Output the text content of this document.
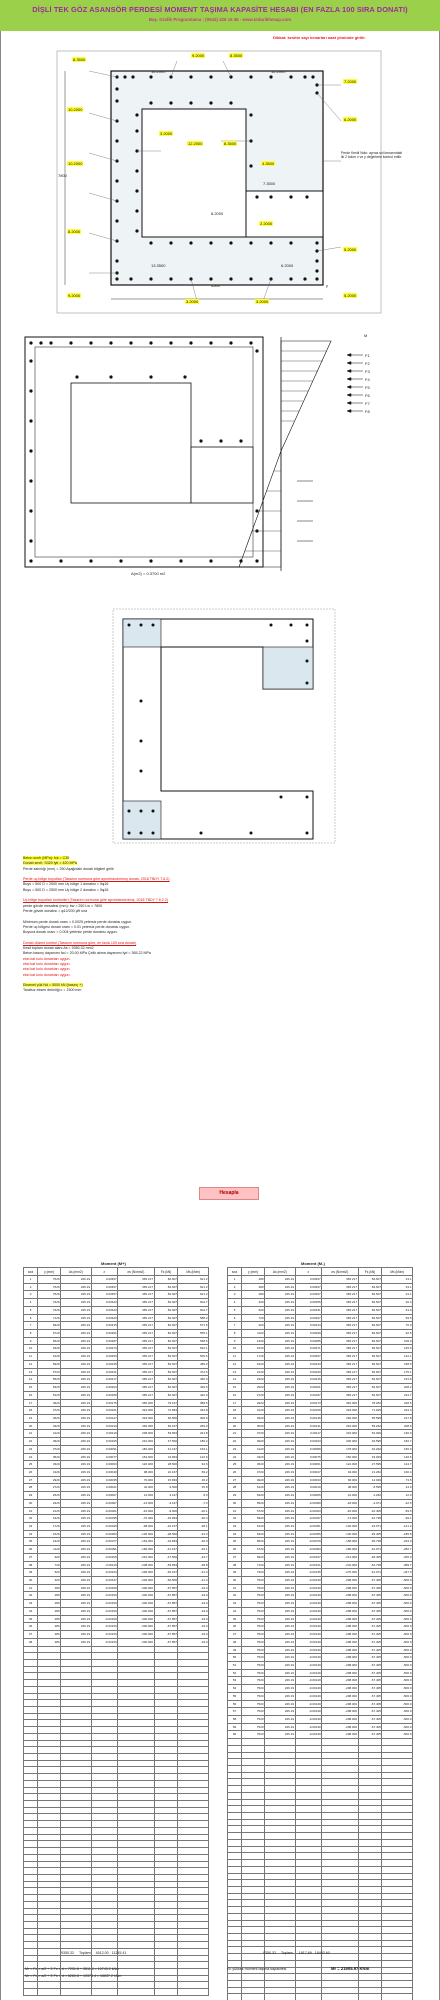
DİŞLİ TEK GÖZ ASANSÖR PERDESİ MOMENT TAŞIMA KAPASİTE HESABI (EN FAZLA 100 SIRA DONATI)
Baş. Grafik Programlama : (0542) 426 16 45 - www.tedarikhesap.com
Dikkat: kesitin sayı kenarları saat yönünde girilir.
5500
7800
y
Perde Kesiti Nolu: ayrıca sol kenarındaki ilk 2 kolon x ve y değerlerin kontrol edilir.
8.3500
10.2000
10.2000
8.2000
9.2000
9.2000	8.3500
7.2000
6.2000
5.2000
3.2000
12.2000	8.3500
4.3500
2.2000
3.2000	3.2000
5.2000
16.2000	12.2000
13.3500
8.2000
7.3500
6.2000
A(m2) = 0.3700 m2
M
F1
F2
F3
F4
F5
F6
F7
F8
Beton sınıfı (MPa): fck = C30
Donatı sınıfı: S420 fyk = 420 MPa
Perde kalınlığı (mm) = 250 Aşağıdaki donatı bilgileri girilir

Perde uç bölge boyutları (Tasarım normuna göre ayrıntılandırılmış donatı, 2018 TBDY 7.6.2)
Boyu = 500 D = 2500 mm Uç bölge 1 donatısı = 5φ16
Boyu = 500 D = 2500 mm Uç bölge 2 donatısı = 5φ16

Uç bölge boyutları kontrolleri (Tasarım normuna göre ayrıntılandırılmış, 2018 TBDY 7.6.2.2)
perde gövde mesafesi (mm): bw = 250 Lw = 7800
Perde gövde donatısı = φ12/200 çift sıra

Minimum perde donatı oranı = 0.0025 yetersiz perde donatısı uygun.
Perde uç bölgesi donatı oranı = 0.01 yetersiz perde donatısı uygun.
Boyuna donatı oranı = 0.004 yetersiz perde donatısı uygun.

Donatı düzeni kontrol (Tasarım normuna göre, en fazla 100 sıra donatı)
Kesit toplam donatı alanı As = 9350.32 mm2
Beton basınç dayanımı fcd = 20.00 MPa Çelik akma dayanımı fyd = 365.22 MPa
eksi kat kolu donatıları uygun.
eksi kat kolu donatıları uygun.
eksi kat kolu donatıları uygun.
eksi kat kolu donatıları uygun.

Eksenel yük Nd = 5000 kN (basınç +)
Tarafsız eksen derinliği c = 1500 mm
Hesapla
Moment (M+)	Moment (M-)
sıra	y (mm)	As (mm2)	ε	σs (N/mm2)	Fs (kN)	Ms (kNm)
1	7520	226.19	0.00357	365.217	82.607	621.2
2	7520	226.19	0.00357	365.217	82.607	621.2
3	7520	226.19	0.00357	365.217	82.607	621.2
4	7320	226.19	0.00343	365.217	82.607	604.7
5	7320	226.19	0.00343	365.217	82.607	604.7
6	7120	226.19	0.00329	365.217	82.607	588.2
7	6920	226.19	0.00315	365.217	82.607	571.6
8	6720	226.19	0.00301	365.217	82.607	555.1
9	6520	226.19	0.00287	365.217	82.607	538.6
10	6320	226.19	0.00273	365.217	82.607	522.1
11	6120	226.19	0.00259	365.217	82.607	505.6
12	5920	226.19	0.00245	365.217	82.607	489.0
13	5720	226.19	0.00231	365.217	82.607	472.5
14	5520	226.19	0.00217	365.217	82.607	456.0
15	5320	226.19	0.00203	365.217	82.607	439.5
16	5120	226.19	0.00189	365.217	82.607	422.9
17	4920	226.19	0.00175	350.000	79.167	389.5
18	4720	226.19	0.00161	322.000	72.833	343.8
19	4520	226.19	0.00147	294.000	66.500	300.6
20	4320	226.19	0.00133	266.000	60.167	259.9
21	4120	226.19	0.00119	238.000	53.833	221.8
22	3920	226.19	0.00105	210.000	47.500	186.2
23	3720	226.19	0.00091	182.000	41.167	153.1
24	3520	226.19	0.00077	154.000	34.833	122.6
25	3320	226.19	0.00063	126.000	28.500	94.6
26	3120	226.19	0.00049	98.000	22.167	69.2
27	2920	226.19	0.00035	70.000	15.833	46.2
28	2720	226.19	0.00021	42.000	9.500	25.8
29	2520	226.19	0.00007	14.000	3.167	8.0
30	2320	226.19	-0.00007	-14.000	-3.167	-7.3
31	2120	226.19	-0.00021	-42.000	-9.500	-20.1
32	1920	226.19	-0.00035	-70.000	-15.833	-30.4
33	1720	226.19	-0.00049	-98.000	-22.167	-38.1
34	1520	226.19	-0.00063	-126.000	-28.500	-43.3
35	1320	226.19	-0.00077	-154.000	-34.833	-46.0
36	1120	226.19	-0.00091	-182.000	-41.167	-46.1
37	920	226.19	-0.00105	-210.000	-47.500	-43.7
38	720	226.19	-0.00119	-238.000	-53.833	-38.8
39	520	226.19	-0.00133	-266.000	-60.167	-31.3
40	320	226.19	-0.00147	-294.000	-66.500	-21.3
41	280	226.19	-0.00150	-300.000	-67.857	-19.0
42	280	226.19	-0.00150	-300.000	-67.857	-19.0
43	280	226.19	-0.00150	-300.000	-67.857	-19.0
44	280	226.19	-0.00150	-300.000	-67.857	-19.0
45	280	226.19	-0.00150	-300.000	-67.857	-19.0
46	280	226.19	-0.00150	-300.000	-67.857	-19.0
47	280	226.19	-0.00150	-300.000	-67.857	-19.0
48	280	226.19	-0.00150	-300.000	-67.857	-19.0

sıra	y (mm)	As (mm2)	ε	σs (N/mm2)	Fs (kN)	Ms (kNm)
1	280	226.19	0.00357	365.217	82.607	23.1
2	280	226.19	0.00357	365.217	82.607	23.1
3	280	226.19	0.00357	365.217	82.607	23.1
4	320	226.19	0.00355	365.217	82.607	26.4
5	520	226.19	0.00341	365.217	82.607	43.0
6	720	226.19	0.00327	365.217	82.607	59.5
7	920	226.19	0.00313	365.217	82.607	76.0
8	1120	226.19	0.00299	365.217	82.607	92.5
9	1320	226.19	0.00285	365.217	82.607	109.0
10	1520	226.19	0.00271	365.217	82.607	125.6
11	1720	226.19	0.00257	365.217	82.607	142.1
12	1920	226.19	0.00243	365.217	82.607	158.6
13	2120	226.19	0.00229	365.217	82.607	175.1
14	2320	226.19	0.00215	365.217	82.607	191.6
15	2520	226.19	0.00201	365.217	82.607	208.2
16	2720	226.19	0.00187	365.217	82.607	224.7
17	2920	226.19	0.00173	346.000	78.262	228.5
18	3120	226.19	0.00159	318.000	71.929	224.4
19	3320	226.19	0.00145	290.000	65.595	217.8
20	3520	226.19	0.00131	262.000	59.262	208.6
21	3720	226.19	0.00117	234.000	52.929	196.9
22	3920	226.19	0.00103	206.000	46.595	182.7
23	4120	226.19	0.00089	178.000	40.262	165.9
24	4320	226.19	0.00075	150.000	33.929	146.6
25	4520	226.19	0.00061	122.000	27.595	124.7
26	4720	226.19	0.00047	94.000	21.262	100.4
27	4920	226.19	0.00033	66.000	14.929	73.5
28	5120	226.19	0.00019	38.000	8.595	44.0
29	5320	226.19	0.00005	10.000	2.262	12.0
30	5520	226.19	-0.00009	-18.000	-4.071	-22.5
31	5720	226.19	-0.00023	-46.000	-10.405	-59.5
32	5920	226.19	-0.00037	-74.000	-16.738	-99.1
33	6120	226.19	-0.00051	-102.000	-23.071	-141.2
34	6320	226.19	-0.00065	-130.000	-29.405	-185.8
35	6520	226.19	-0.00079	-158.000	-35.738	-233.0
36	6720	226.19	-0.00093	-186.000	-42.071	-282.7
37	6920	226.19	-0.00107	-214.000	-48.405	-335.0
38	7120	226.19	-0.00121	-242.000	-54.738	-389.7
39	7320	226.19	-0.00135	-270.000	-61.071	-447.0
40	7520	226.19	-0.00149	-298.000	-67.405	-506.9
41	7520	226.19	-0.00149	-298.000	-67.405	-506.9
42	7520	226.19	-0.00149	-298.000	-67.405	-506.9
43	7520	226.19	-0.00149	-298.000	-67.405	-506.9
44	7520	226.19	-0.00149	-298.000	-67.405	-506.9
45	7520	226.19	-0.00149	-298.000	-67.405	-506.9
46	7520	226.19	-0.00149	-298.000	-67.405	-506.9
47	7520	226.19	-0.00149	-298.000	-67.405	-506.9
48	7520	226.19	-0.00149	-298.000	-67.405	-506.9
49	7520	226.19	-0.00149	-298.000	-67.405	-506.9
50	7520	226.19	-0.00149	-298.000	-67.405	-506.9
51	7520	226.19	-0.00149	-298.000	-67.405	-506.9
52	7520	226.19	-0.00149	-298.000	-67.405	-506.9
53	7520	226.19	-0.00149	-298.000	-67.405	-506.9
54	7520	226.19	-0.00149	-298.000	-67.405	-506.9
55	7520	226.19	-0.00149	-298.000	-67.405	-506.9
56	7520	226.19	-0.00149	-298.000	-67.405	-506.9
57	7520	226.19	-0.00149	-298.000	-67.405	-506.9
58	7520	226.19	-0.00149	-298.000	-67.405	-506.9
59	7520	226.19	-0.00149	-298.000	-67.405	-506.9
60	7520	226.19	-0.00149	-298.000	-67.405	-506.9

9350.32 Toplam 4512.00 11245.41	9350.32 Toplam -1817.69 18483.60
Mr = Fc × a/2 + Σ Fs × d = 7231.8 + 3511.4 = 10743.2 kNm
Mr = Fc × a/2 + Σ Fs × d = 6260.8 + 10376.4 = 16637.2 kNm
En yüksek moment taşıma kapasitesi	Mr = 21905.97 KNm
